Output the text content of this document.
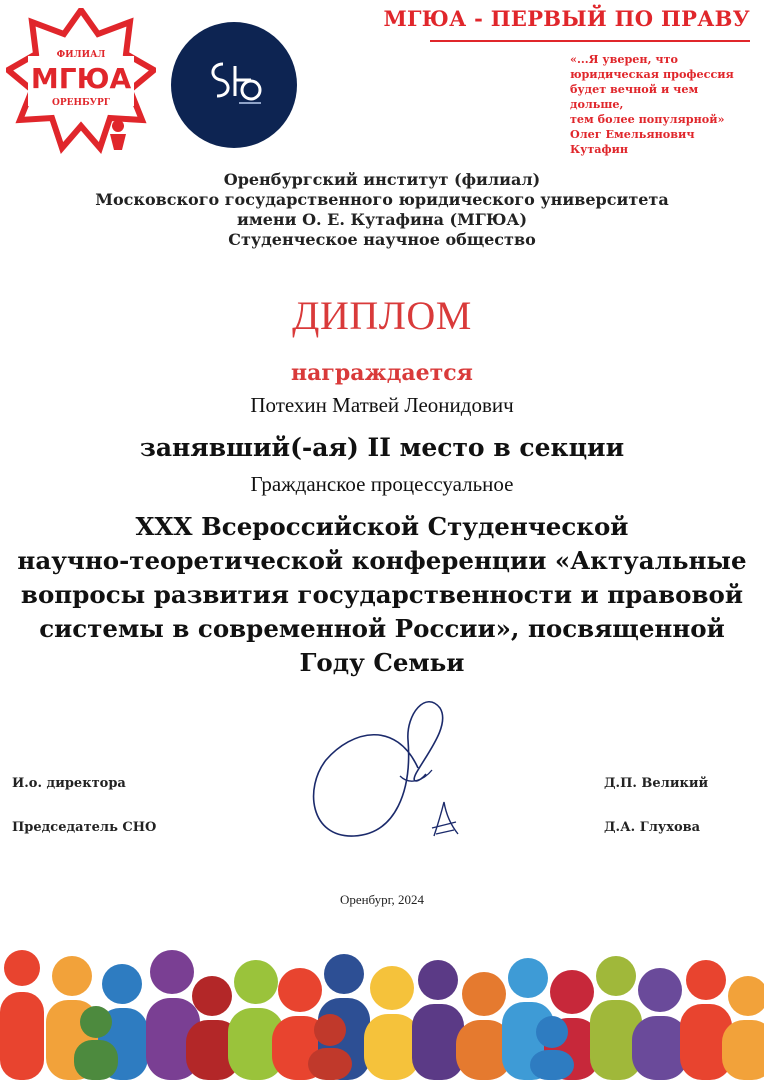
ФИЛИАЛ
МГЮА
ОРЕНБУРГ
МГЮА - ПЕРВЫЙ ПО ПРАВУ
«...Я уверен, что
юридическая профессия
будет вечной и чем дольше,
тем более популярной»
Олег Емельянович Кутафин
Оренбургский институт (филиал)
Московского государственного юридического университета
имени О. Е. Кутафина (МГЮА)
Студенческое научное общество
ДИПЛОМ
награждается
Потехин Матвей Леонидович
занявший(-ая) II место в секции
Гражданское процессуальное
XXX Всероссийской Студенческой
научно-теоретической конференции «Актуальные
вопросы развития государственности и правовой
системы в современной России», посвященной
Году Семьи
И.о. директора
Председатель СНО
Д.П. Великий
Д.А. Глухова
Оренбург, 2024
